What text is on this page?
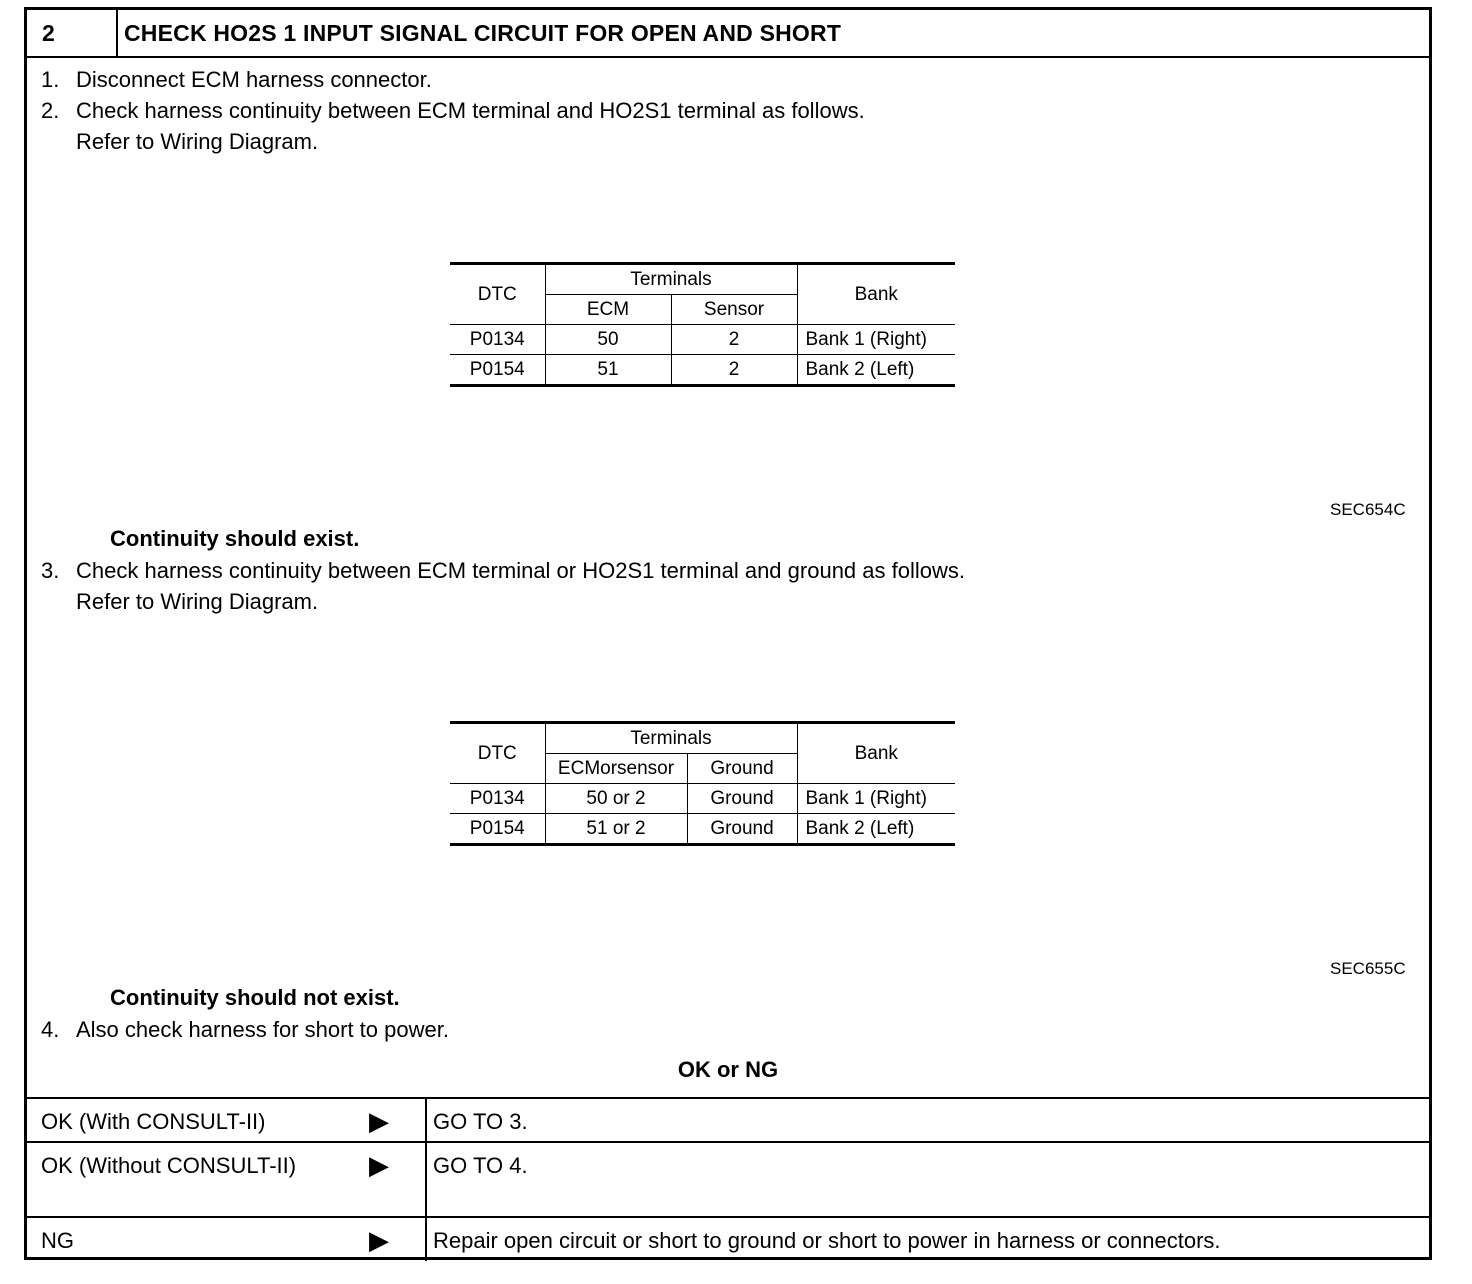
2	CHECK HO2S 1 INPUT SIGNAL CIRCUIT FOR OPEN AND SHORT
1. Disconnect ECM harness connector.
2. Check harness continuity between ECM terminal and HO2S1 terminal as follows.
Refer to Wiring Diagram.
DTC	Terminals		Bank
	ECM	Sensor	
P0134	50	2	Bank 1 (Right)
P0154	51	2	Bank 2 (Left)
SEC654C
Continuity should exist.
3. Check harness continuity between ECM terminal or HO2S1 terminal and ground as follows.
Refer to Wiring Diagram.
DTC	Terminals		Bank
	ECMorsensor	Ground	
P0134	50 or 2	Ground	Bank 1 (Right)
P0154	51 or 2	Ground	Bank 2 (Left)
SEC655C
Continuity should not exist.
4. Also check harness for short to power.
OK or NG
OK (With CONSULT-II)	▶	GO TO 3.
OK (Without CONSULT-II)	▶	GO TO 4.
NG	▶	Repair open circuit or short to ground or short to power in harness or connectors.
